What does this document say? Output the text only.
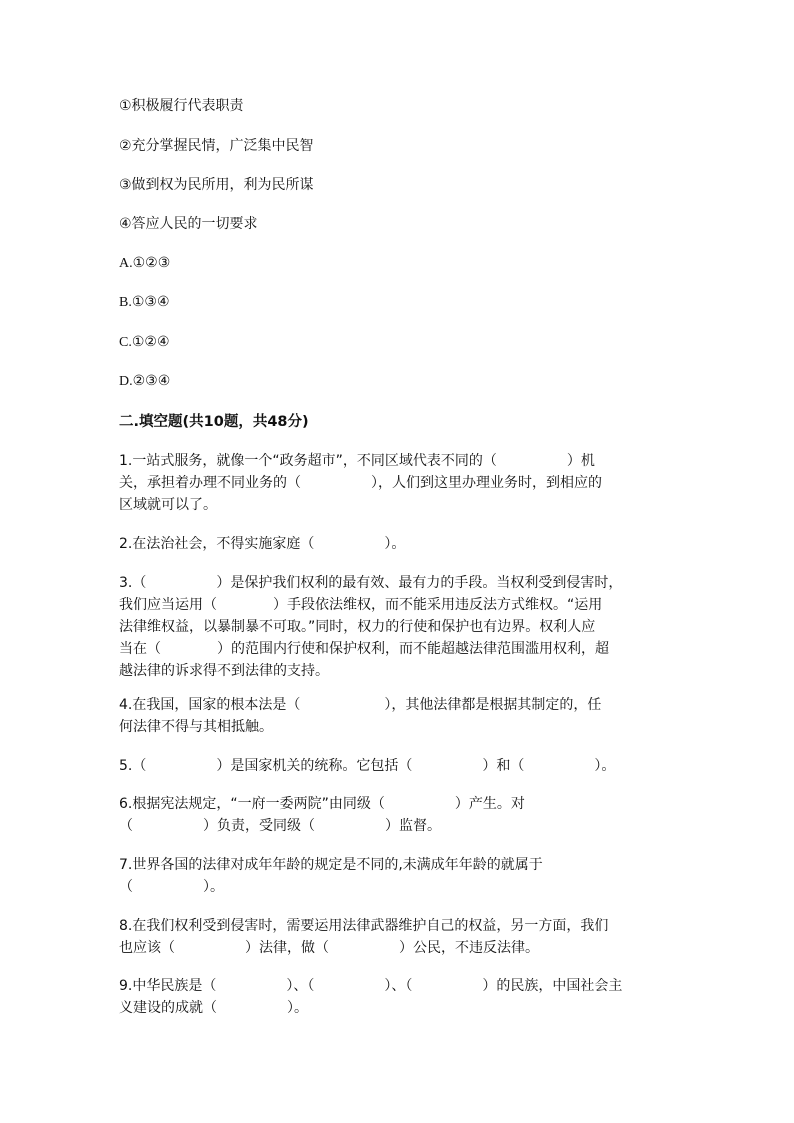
①积极履行代表职责
②充分掌握民情，广泛集中民智
③做到权为民所用，利为民所谋
④答应人民的一切要求
A.①②③
B.①③④
C.①②④
D.②③④
二.填空题(共10题，共48分)
1.一站式服务，就像一个“政务超市”，不同区域代表不同的（　　　　　）机
关，承担着办理不同业务的（　　　　　），人们到这里办理业务时，到相应的
区域就可以了。
2.在法治社会，不得实施家庭（　　　　　）。
3.（　　　　　）是保护我们权利的最有效、最有力的手段。当权利受到侵害时，
我们应当运用（　　　　）手段依法维权，而不能采用违反法方式维权。“运用
法律维权益，以暴制暴不可取。”同时，权力的行使和保护也有边界。权利人应
当在（　　　　）的范围内行使和保护权利，而不能超越法律范围滥用权利，超
越法律的诉求得不到法律的支持。
4.在我国，国家的根本法是（　　　　　　），其他法律都是根据其制定的，任
何法律不得与其相抵触。
5.（　　　　　）是国家机关的统称。它包括（　　　　　）和（　　　　　）。
6.根据宪法规定，“一府一委两院”由同级（　　　　　）产生。对
（　　　　　）负责，受同级（　　　　　）监督。
7.世界各国的法律对成年年龄的规定是不同的,未满成年年龄的就属于
（　　　　　）。
8.在我们权利受到侵害时，需要运用法律武器维护自己的权益，另一方面，我们
也应该（　　　　　）法律，做（　　　　　）公民，不违反法律。
9.中华民族是（　　　　　）、（　　　　　）、（　　　　　）的民族，中国社会主
义建设的成就（　　　　　）。
